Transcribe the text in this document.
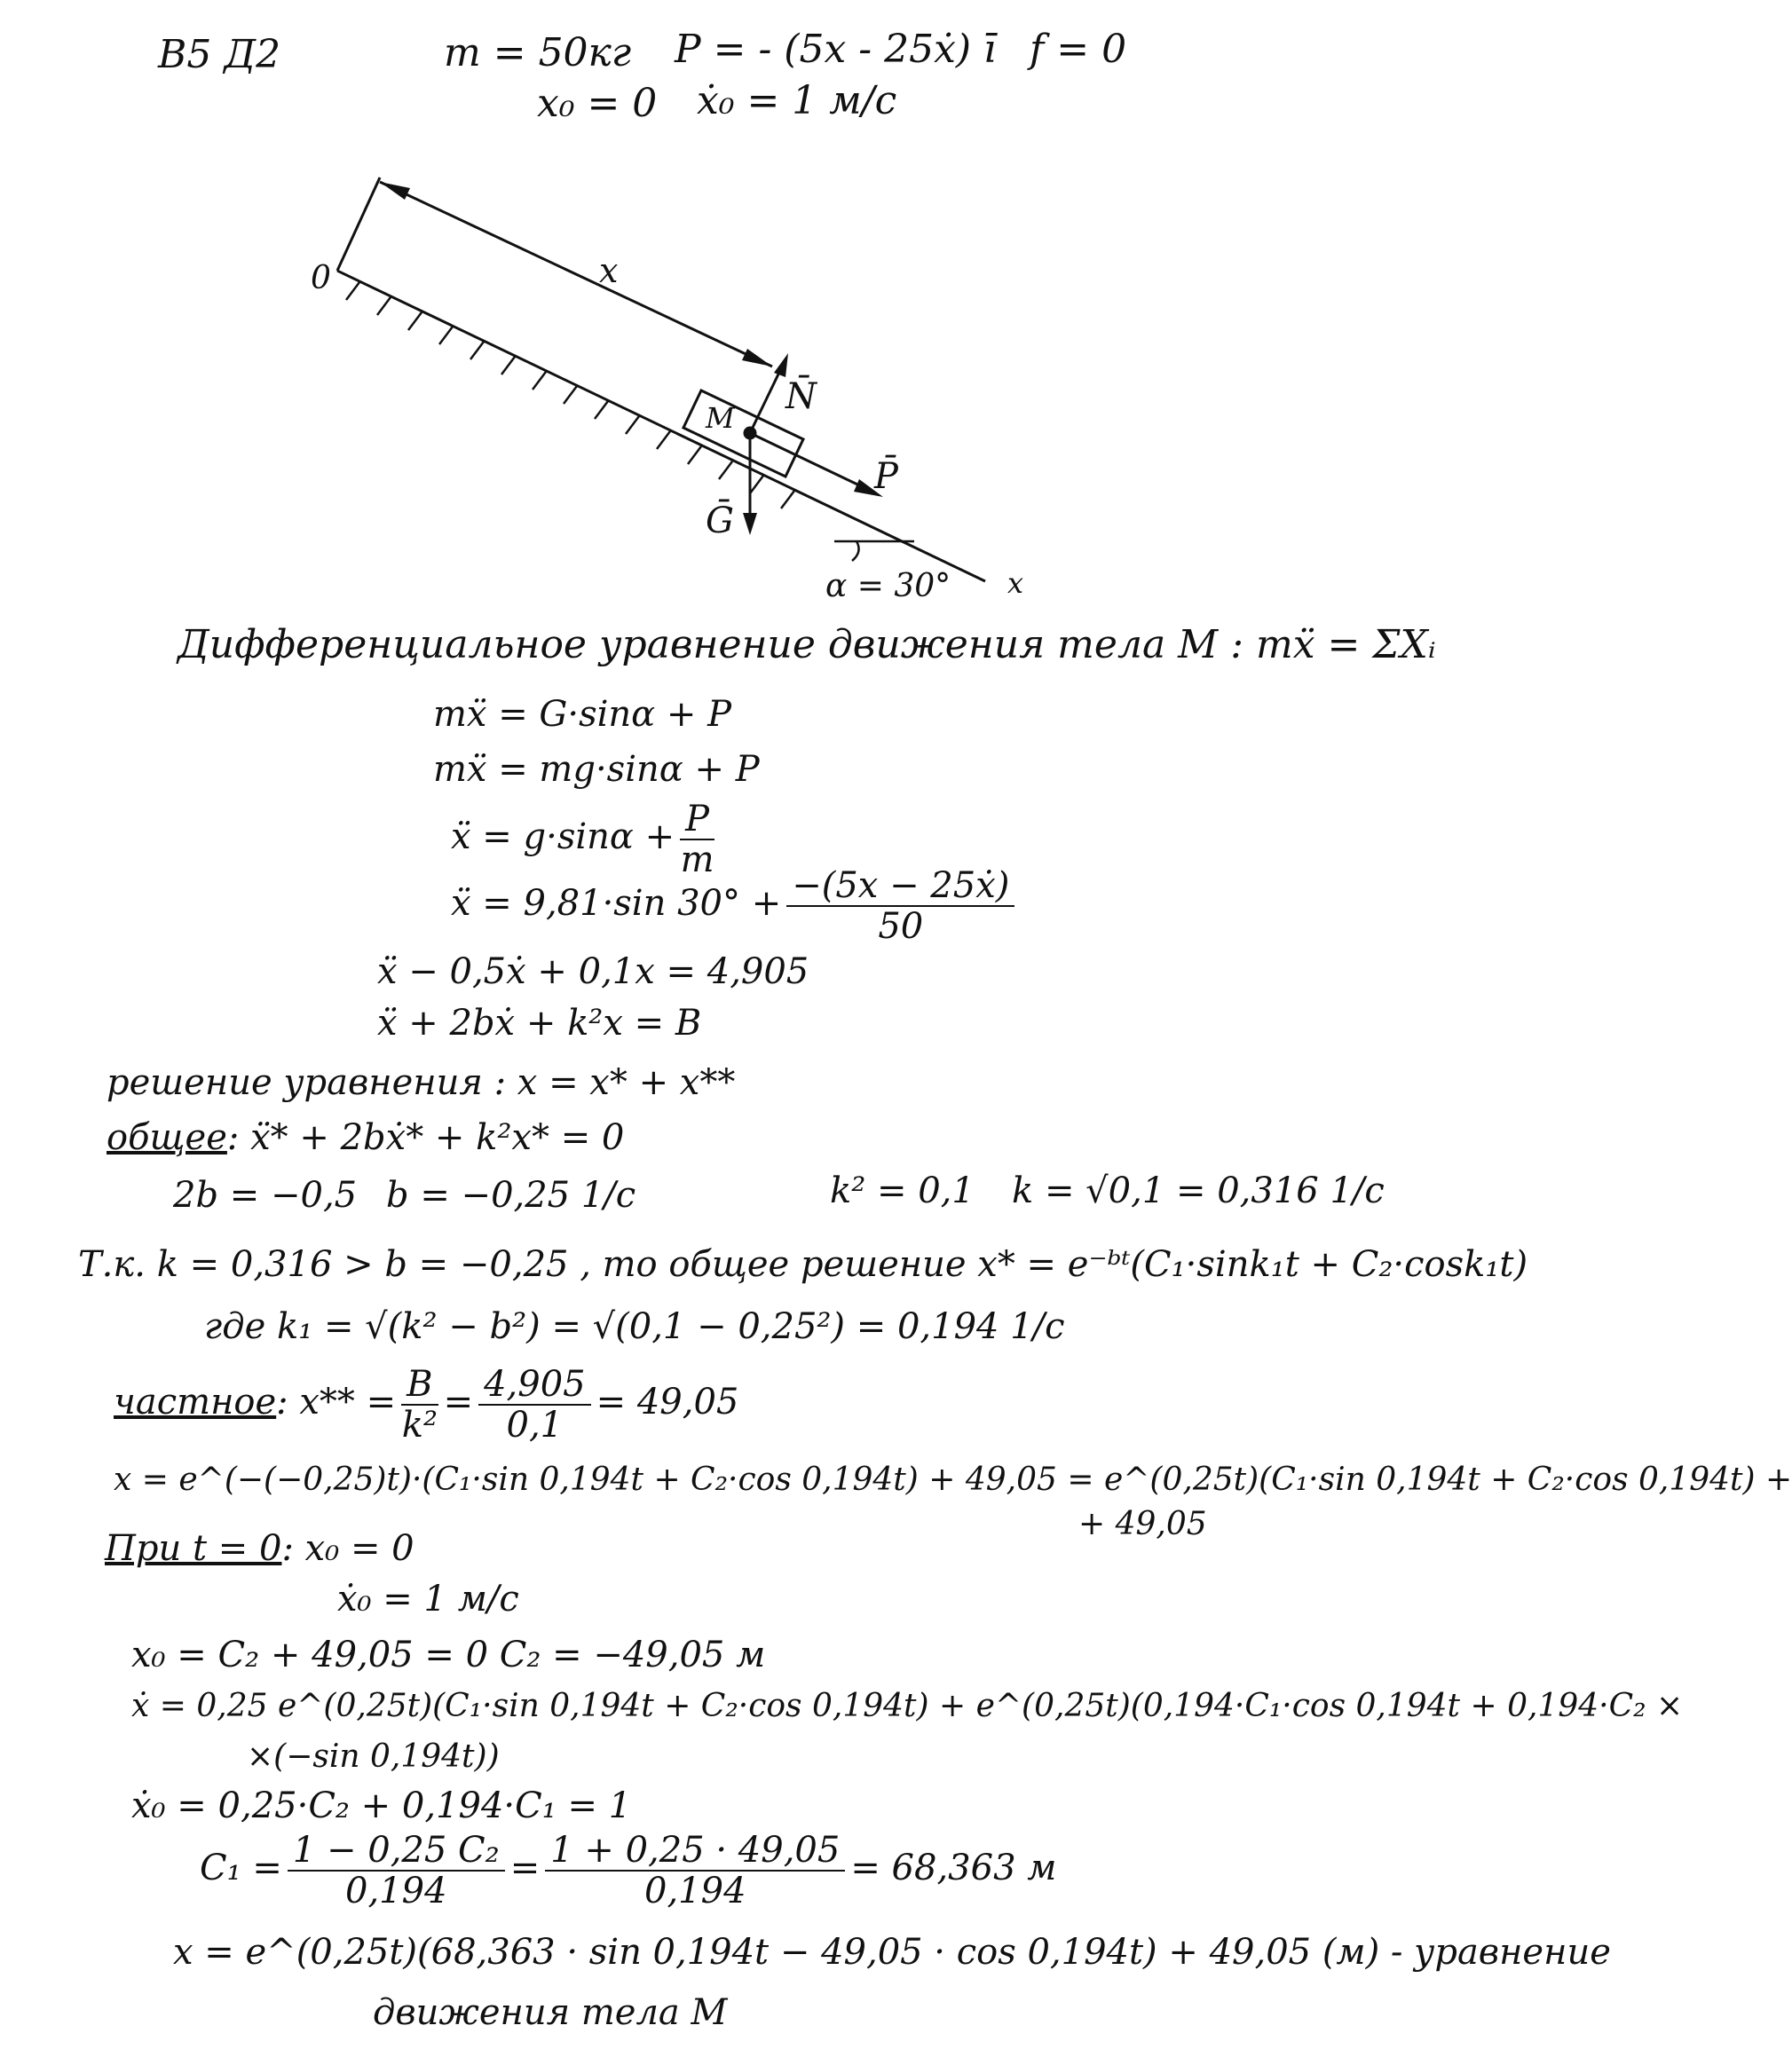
В5 Д2	m = 50кг P = - (5x - 25ẋ) ī f = 0
x₀ = 0 ẋ₀ = 1 м/с
0	x
M
N̄
P̄
Ḡ
α = 30° x
Дифференциальное уравнение движения тела M : mẍ = ΣXᵢ
mẍ = G·sinα + P
mẍ = mg·sinα + P
ẍ = $g\cdot\sin\alpha + \frac{P}{m}$
ẍ = 9,81·sin $30^\circ + \frac{\text{−(5x − 25ẋ)}}{50}$
ẍ − 0,5ẋ + 0,1x = 4,905
ẍ + 2bẋ + k²x = B
решение уравнения : x = x* + x**
общее: ẍ* + 2bẋ* + k²x* = 0
2b = −0,5 b = −0,25 1/с	k² = 0,1 k = √0,1 = 0,316 1/с
Т.к. k = 0,316 > b = −0,25 , то общее решение x* = e⁻ᵇᵗ(C₁·sink₁t + C₂·cosk₁t)
где k₁ = √(k² − b²) = √(0,1 − 0,25²) = 0,194 1/с
частное: $x** = \frac{B}{\text{k²}} = \frac{4,905}{0,1} = 49,05$
x = e^(−(−0,25)t)·(C₁·sin 0,194t + C₂·cos 0,194t) + 49,05 = e^(0,25t)(C₁·sin 0,194t + C₂·cos 0,194t) +
+ 49,05
При t = 0: x₀ = 0
ẋ₀ = 1 м/с
x₀ = C₂ + 49,05 = 0 C₂ = −49,05 м
ẋ = 0,25 e^(0,25t)(C₁·sin 0,194t + C₂·cos 0,194t) + e^(0,25t)(0,194·C₁·cos 0,194t + 0,194·C₂ ×
×(−sin 0,194t))
ẋ₀ = 0,25·C₂ + 0,194·C₁ = 1
$C_1 = \frac{\text{1 − 0,25 C₂}}{0,194} = \frac{1 + 0,25 \cdot 49,05}{0,194} = 68,363$ м
x = e^(0,25t)(68,363 · sin 0,194t − 49,05 · cos 0,194t) + 49,05 (м) - уравнение
движения тела M
